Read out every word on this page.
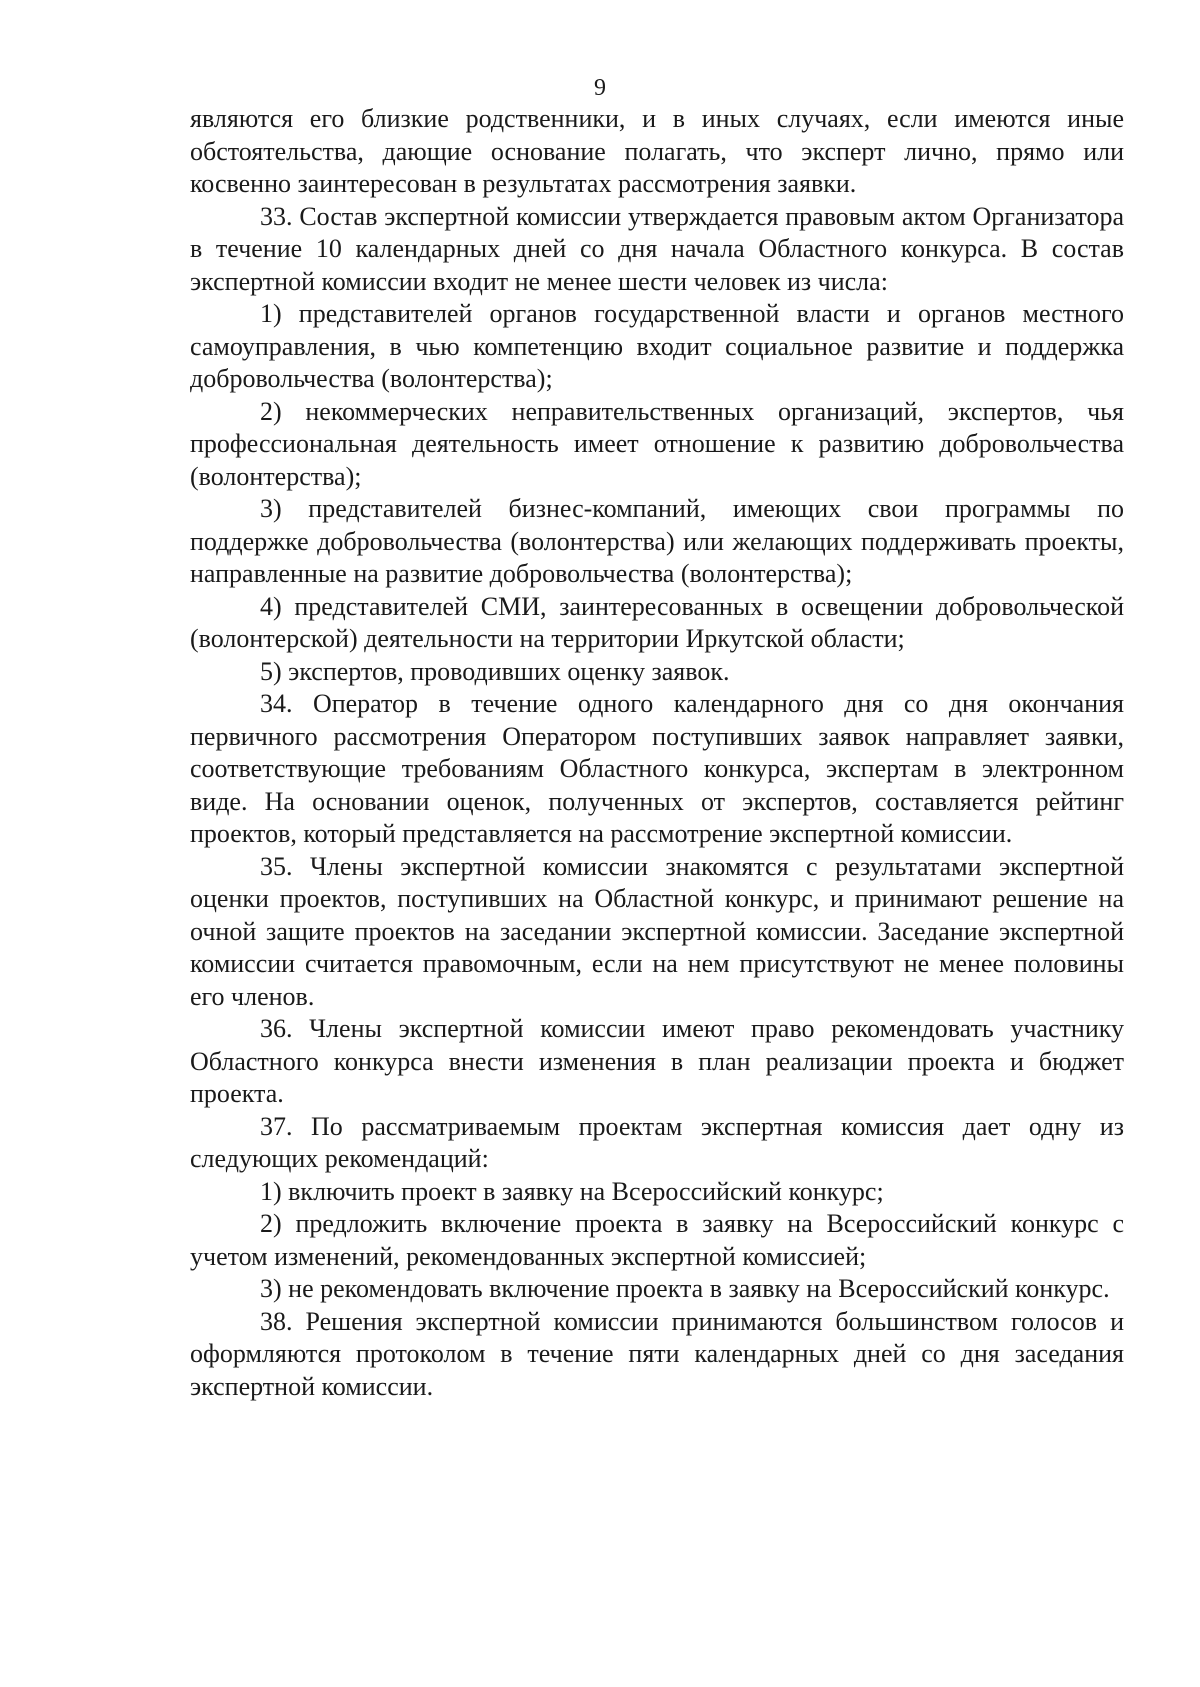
9

являются его близкие родственники, и в иных случаях, если имеются иные обстоятельства, дающие основание полагать, что эксперт лично, прямо или косвенно заинтересован в результатах рассмотрения заявки.

33. Состав экспертной комиссии утверждается правовым актом Организатора в течение 10 календарных дней со дня начала Областного конкурса. В состав экспертной комиссии входит не менее шести человек из числа:

1) представителей органов государственной власти и органов местного самоуправления, в чью компетенцию входит социальное развитие и поддержка добровольчества (волонтерства);

2) некоммерческих неправительственных организаций, экспертов, чья профессиональная деятельность имеет отношение к развитию добровольчества (волонтерства);

3) представителей бизнес-компаний, имеющих свои программы по поддержке добровольчества (волонтерства) или желающих поддерживать проекты, направленные на развитие добровольчества (волонтерства);

4) представителей СМИ, заинтересованных в освещении добровольческой (волонтерской) деятельности на территории Иркутской области;

5) экспертов, проводивших оценку заявок.

34. Оператор в течение одного календарного дня со дня окончания первичного рассмотрения Оператором поступивших заявок направляет заявки, соответствующие требованиям Областного конкурса, экспертам в электронном виде. На основании оценок, полученных от экспертов, составляется рейтинг проектов, который представляется на рассмотрение экспертной комиссии.

35. Члены экспертной комиссии знакомятся с результатами экспертной оценки проектов, поступивших на Областной конкурс, и принимают решение на очной защите проектов на заседании экспертной комиссии. Заседание экспертной комиссии считается правомочным, если на нем присутствуют не менее половины его членов.

36. Члены экспертной комиссии имеют право рекомендовать участнику Областного конкурса внести изменения в план реализации проекта и бюджет проекта.

37. По рассматриваемым проектам экспертная комиссия дает одну из следующих рекомендаций:

1) включить проект в заявку на Всероссийский конкурс;

2) предложить включение проекта в заявку на Всероссийский конкурс с учетом изменений, рекомендованных экспертной комиссией;

3) не рекомендовать включение проекта в заявку на Всероссийский конкурс.

38. Решения экспертной комиссии принимаются большинством голосов и оформляются протоколом в течение пяти календарных дней со дня заседания экспертной комиссии.
